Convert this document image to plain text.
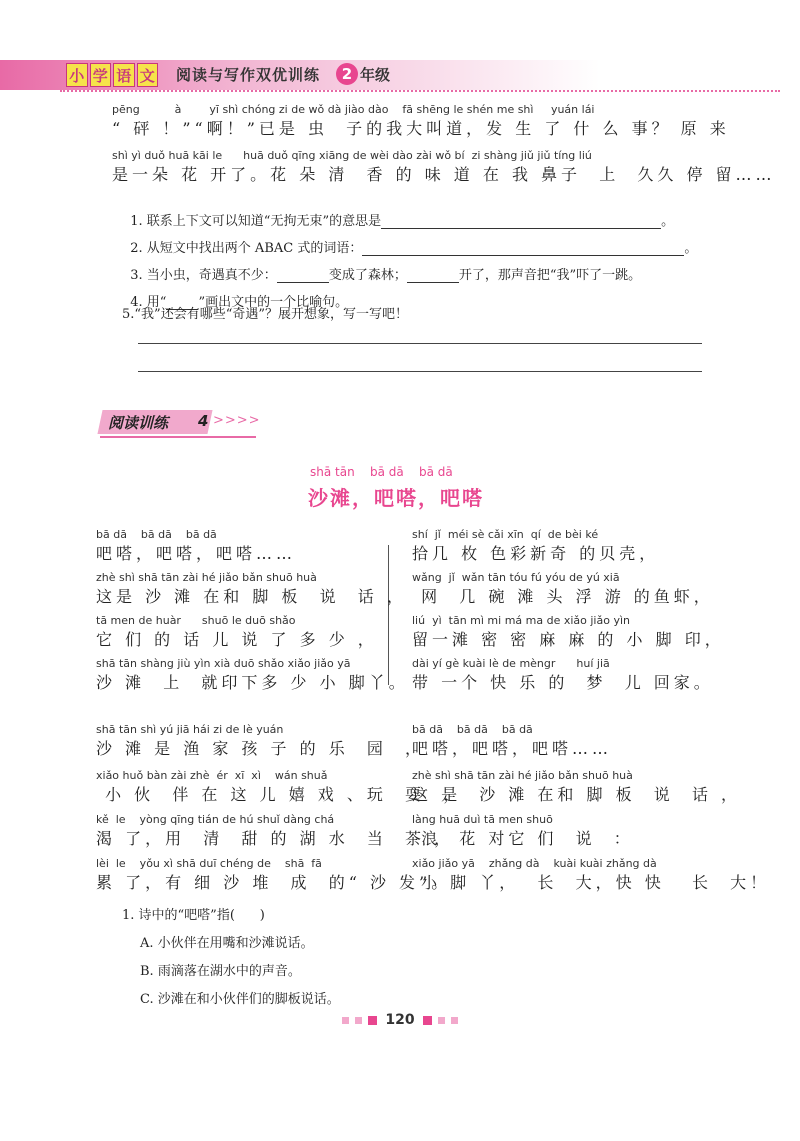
小 学 语 文 阅读与写作双优训练	2 年级
pēng          à        yī shì chóng zi de wǒ dà jiào dào    fā shēng le shén me shì     yuán lái
“ 砰 ！”“啊！”已是 虫  子的我大叫道，发 生 了 什 么 事？ 原 来
shì yì duǒ huā kāi le      huā duǒ qīng xiāng de wèi dào zài wǒ bí  zi shàng jiǔ jiǔ tíng liú
是一朵 花 开了。花 朵 清  香 的 味 道 在 我 鼻子  上  久久 停 留……

1. 联系上下文可以知道“无拘无束”的意思是	。

2. 从短文中找出两个 ABAC 式的词语：	。

3. 当小虫，奇遇真不少：	变成了森林；	开了，那声音把“我”吓了一跳。

4. 用“ ”画出文中的一个比喻句。

5.“我”还会有哪些“奇遇”？展开想象，写一写吧！
阅读训练 4 >>>>
shā tān    bā dā    bā dā
沙滩，吧嗒，吧嗒
bā dā    bā dā    bā dā
吧嗒，吧嗒，吧嗒……
zhè shì shā tān zài hé jiǎo bǎn shuō huà
这是 沙 滩 在和 脚 板  说  话 ，
tā men de huàr      shuō le duō shǎo
它 们 的 话 儿 说 了 多 少 ，
shā tān shàng jiù yìn xià duō shǎo xiǎo jiǎo yā
沙 滩  上  就印下多 少 小 脚丫。
shí  jǐ  méi sè cǎi xīn  qí  de bèi ké
拾几 枚 色彩新奇 的贝壳，
wǎng  jǐ  wǎn tān tóu fú yóu de yú xiā
网  几 碗 滩 头 浮 游 的鱼虾，
liú  yì  tān mì mi má ma de xiǎo jiǎo yìn
留一滩 密 密 麻 麻 的 小 脚 印，
dài yí gè kuài lè de mèngr      huí jiā
带 一个 快 乐 的  梦  儿 回家。
shā tān shì yú jiā hái zi de lè yuán
沙 滩 是 渔 家 孩 子 的 乐  园  ，
xiǎo huǒ bàn zài zhè  ér  xī  xì    wán shuǎ
小 伙  伴 在 这 儿 嬉 戏 、玩  耍  ，
kě  le    yòng qīng tián de hú shuǐ dàng chá
渴 了，用  清  甜 的 湖 水  当  茶 ，
lèi  le    yǒu xì shā duī chéng de    shā  fā
累 了，有 细 沙 堆  成  的“ 沙 发”。
bā dā    bā dā    bā dā
吧嗒，吧嗒，吧嗒……
zhè shì shā tān zài hé jiǎo bǎn shuō huà
这 是  沙 滩 在和 脚 板  说  话 ，
làng huā duì tā men shuō
浪  花 对它 们  说  ：
xiǎo jiǎo yā    zhǎng dà    kuài kuài zhǎng dà
小 脚 丫，  长  大，快 快   长  大！
1. 诗中的“吧嗒”指(      )
A. 小伙伴在用嘴和沙滩说话。
B. 雨滴落在湖水中的声音。
C. 沙滩在和小伙伴们的脚板说话。
120
